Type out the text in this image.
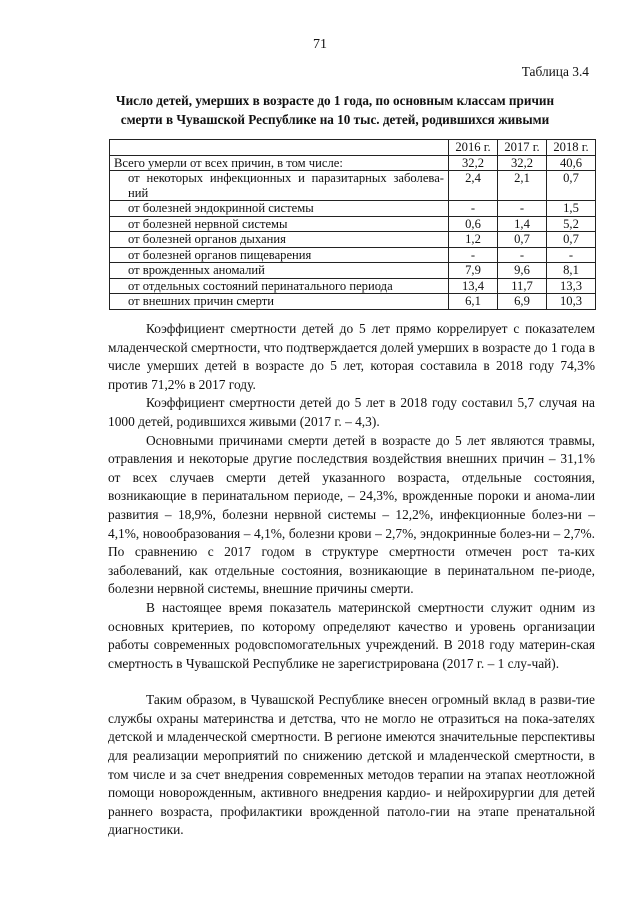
71
Таблица 3.4
Число детей, умерших в возрасте до 1 года, по основным классам причин смерти в Чувашской Республике на 10 тыс. детей, родившихся живыми
	2016 г.	2017 г.	2018 г.
Всего умерли от всех причин, в том числе:	32,2	32,2	40,6
от некоторых инфекционных и паразитарных заболева-ний	2,4	2,1	0,7
от болезней эндокринной системы	-	-	1,5
от болезней нервной системы	0,6	1,4	5,2
от болезней органов дыхания	1,2	0,7	0,7
от болезней органов пищеварения	-	-	-
от врожденных аномалий	7,9	9,6	8,1
от отдельных состояний перинатального периода	13,4	11,7	13,3
от внешних причин смерти	6,1	6,9	10,3

Коэффициент смертности детей до 5 лет прямо коррелирует с показателем младенческой смертности, что подтверждается долей умерших в возрасте до 1 года в числе умерших детей в возрасте до 5 лет, которая составила в 2018 году 74,3% против 71,2% в 2017 году.

Коэффициент смертности детей до 5 лет в 2018 году составил 5,7 случая на 1000 детей, родившихся живыми (2017 г. – 4,3).

Основными причинами смерти детей в возрасте до 5 лет являются травмы, отравления и некоторые другие последствия воздействия внешних причин – 31,1% от всех случаев смерти детей указанного возраста, отдельные состояния, возникающие в перинатальном периоде, – 24,3%, врожденные пороки и анома-лии развития – 18,9%, болезни нервной системы – 12,2%, инфекционные болез-ни – 4,1%, новообразования – 4,1%, болезни крови – 2,7%, эндокринные болез-ни – 2,7%. По сравнению с 2017 годом в структуре смертности отмечен рост та-ких заболеваний, как отдельные состояния, возникающие в перинатальном пе-риоде, болезни нервной системы, внешние причины смерти.

В настоящее время показатель материнской смертности служит одним из основных критериев, по которому определяют качество и уровень организации работы современных родовспомогательных учреждений. В 2018 году материн-ская смертность в Чувашской Республике не зарегистрирована (2017 г. – 1 слу-чай).

Таким образом, в Чувашской Республике внесен огромный вклад в разви-тие службы охраны материнства и детства, что не могло не отразиться на пока-зателях детской и младенческой смертности. В регионе имеются значительные перспективы для реализации мероприятий по снижению детской и младенческой смертности, в том числе и за счет внедрения современных методов терапии на этапах неотложной помощи новорожденным, активного внедрения кардио- и нейрохирургии для детей раннего возраста, профилактики врожденной патоло-гии на этапе пренатальной диагностики.
